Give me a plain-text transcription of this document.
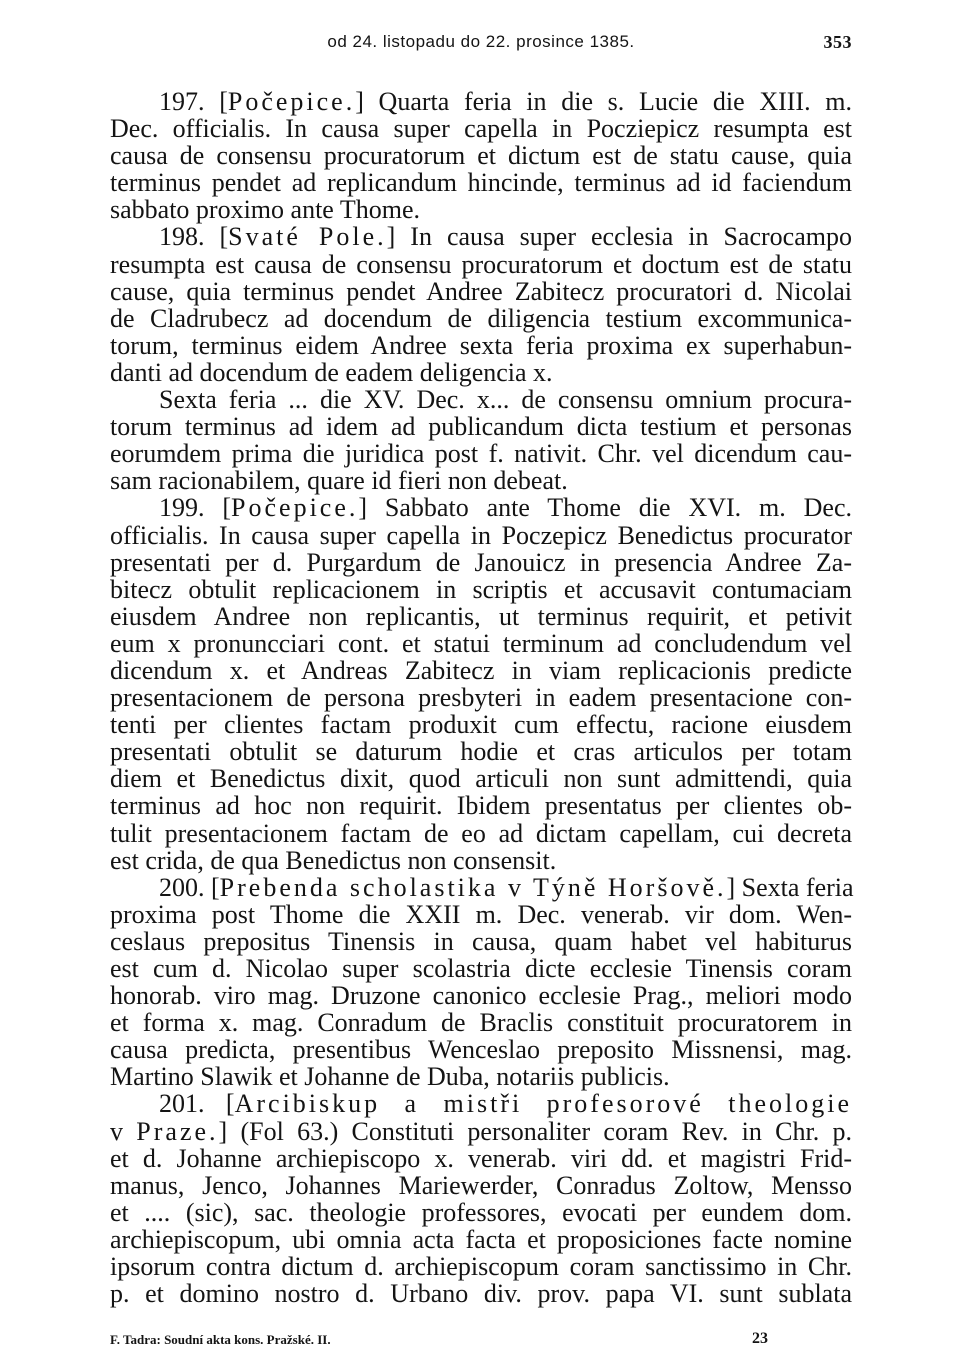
od 24. listopadu do 22. prosince 1385.	353
197. [Počepice.] Quarta feria in die s. Lucie die XIII. m.
Dec. officialis. In causa super capella in Pocziepicz resumpta est
causa de consensu procuratorum et dictum est de statu cause, quia
terminus pendet ad replicandum hincinde, terminus ad id faciendum
sabbato proximo ante Thome.
198. [Svaté Pole.] In causa super ecclesia in Sacrocampo
resumpta est causa de consensu procuratorum et doctum est de statu
cause, quia terminus pendet Andree Zabitecz procuratori d. Nicolai
de Cladrubecz ad docendum de diligencia testium excommunica-
torum, terminus eidem Andree sexta feria proxima ex superhabun-
danti ad docendum de eadem deligencia x.
Sexta feria ... die XV. Dec. x... de consensu omnium procura-
torum terminus ad idem ad publicandum dicta testium et personas
eorumdem prima die juridica post f. nativit. Chr. vel dicendum cau-
sam racionabilem, quare id fieri non debeat.
199. [Počepice.] Sabbato ante Thome die XVI. m. Dec.
officialis. In causa super capella in Poczepicz Benedictus procurator
presentati per d. Purgardum de Janouicz in presencia Andree Za-
bitecz obtulit replicacionem in scriptis et accusavit contumaciam
eiusdem Andree non replicantis, ut terminus requirit, et petivit
eum x pronuncciari cont. et statui terminum ad concludendum vel
dicendum x. et Andreas Zabitecz in viam replicacionis predicte
presentacionem de persona presbyteri in eadem presentacione con-
tenti per clientes factam produxit cum effectu, racione eiusdem
presentati obtulit se daturum hodie et cras articulos per totam
diem et Benedictus dixit, quod articuli non sunt admittendi, quia
terminus ad hoc non requirit. Ibidem presentatus per clientes ob-
tulit presentacionem factam de eo ad dictam capellam, cui decreta
est crida, de qua Benedictus non consensit.
200. [Prebenda scholastika v Týně Horšově.] Sexta feria
proxima post Thome die XXII m. Dec. venerab. vir dom. Wen-
ceslaus prepositus Tinensis in causa, quam habet vel habiturus
est cum d. Nicolao super scolastria dicte ecclesie Tinensis coram
honorab. viro mag. Druzone canonico ecclesie Prag., meliori modo
et forma x. mag. Conradum de Braclis constituit procuratorem in
causa predicta, presentibus Wenceslao preposito Missnensi, mag.
Martino Slawik et Johanne de Duba, notariis publicis.
201. [Arcibiskup a mistři profesorové theologie
v Praze.] (Fol 63.) Constituti personaliter coram Rev. in Chr. p.
et d. Johanne archiepiscopo x. venerab. viri dd. et magistri Frid-
manus, Jenco, Johannes Mariewerder, Conradus Zoltow, Mensso
et .... (sic), sac. theologie professores, evocati per eundem dom.
archiepiscopum, ubi omnia acta facta et proposiciones facte nomine
ipsorum contra dictum d. archiepiscopum coram sanctissimo in Chr.
p. et domino nostro d. Urbano div. prov. papa VI. sunt sublata
F. Tadra: Soudní akta kons. Pražské. II.	23
